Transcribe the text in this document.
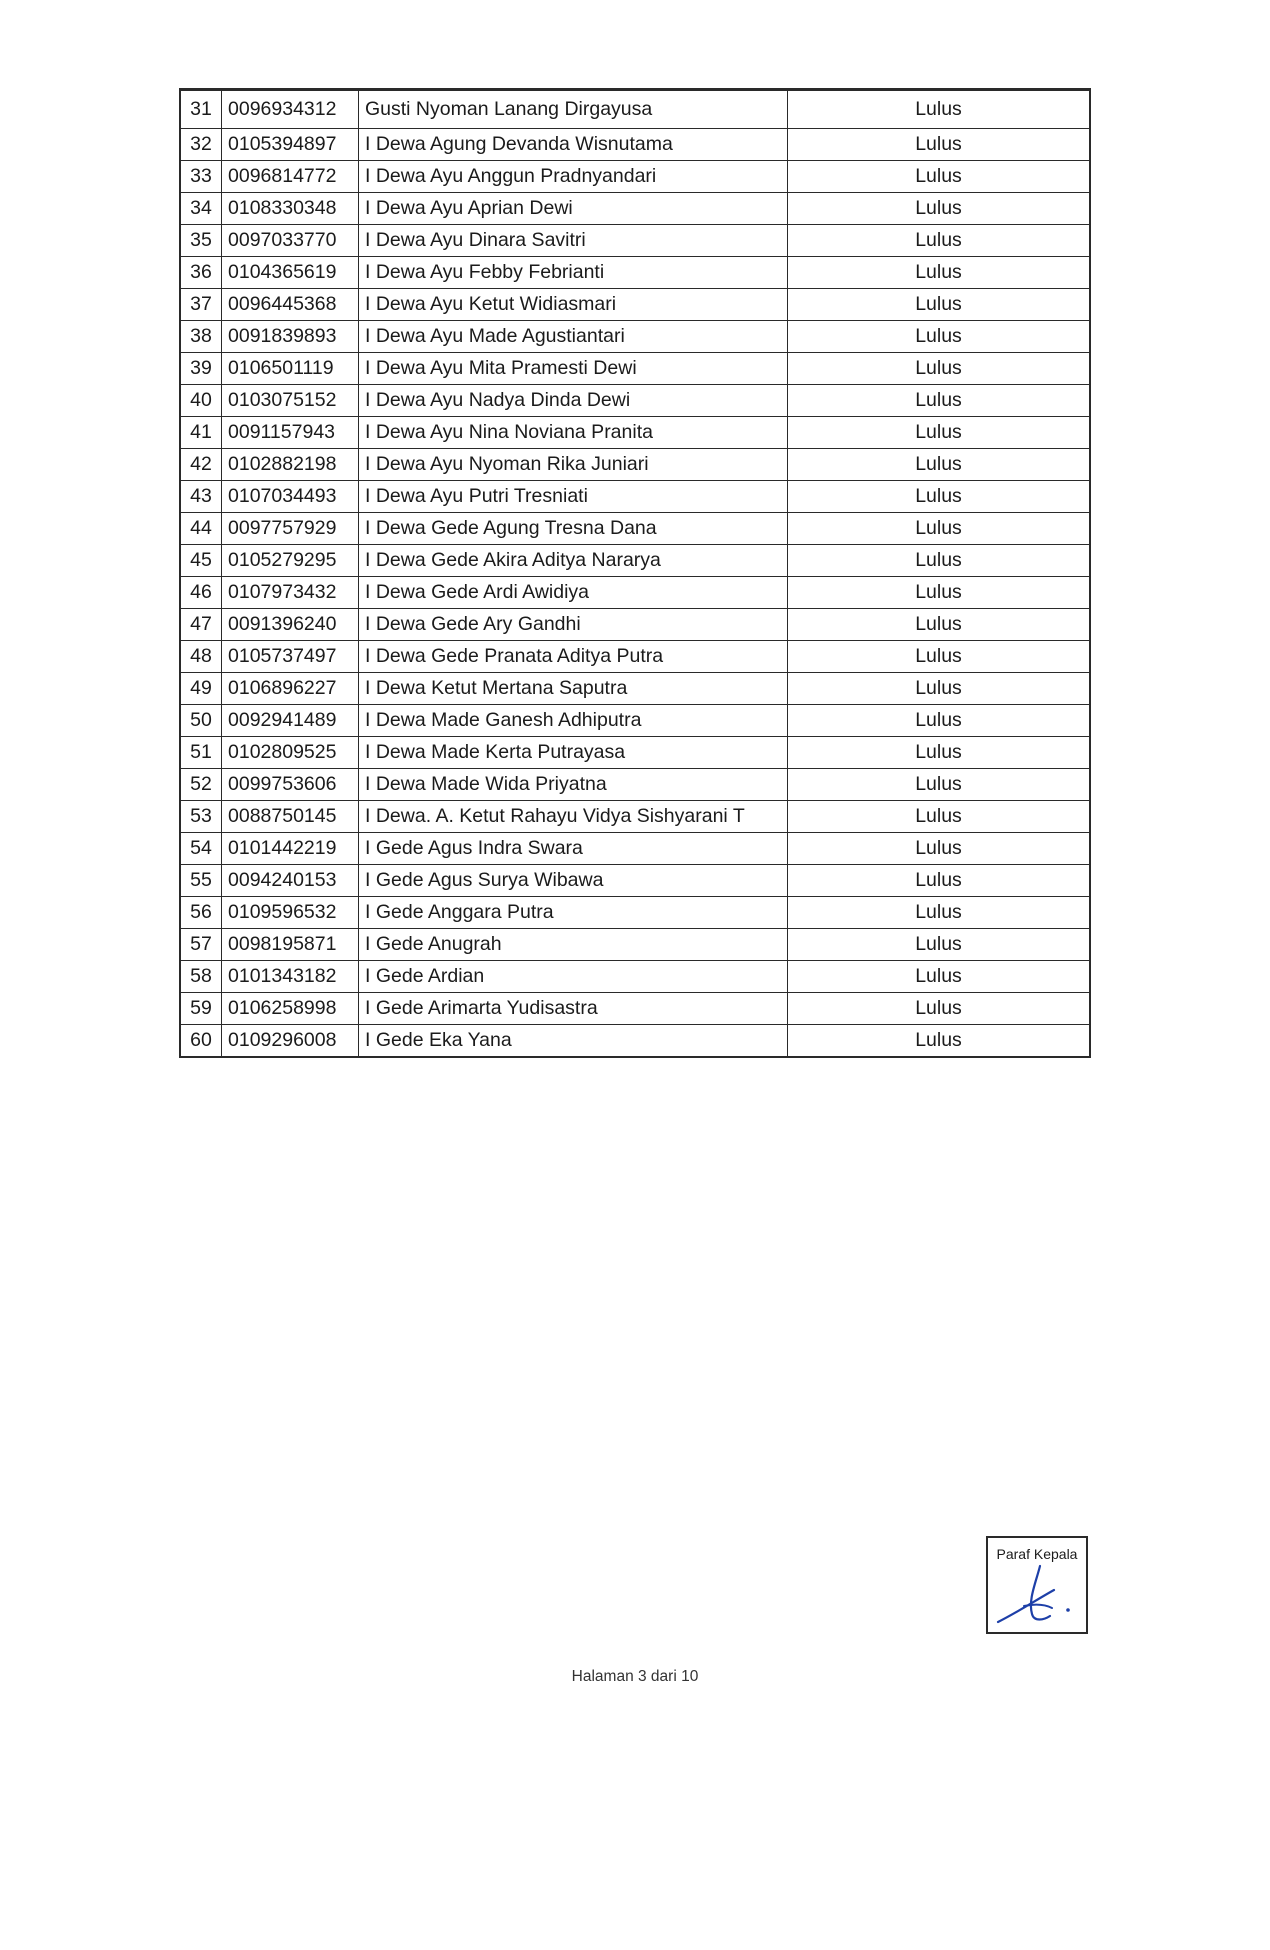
31	0096934312	Gusti Nyoman Lanang Dirgayusa	Lulus
32	0105394897	I Dewa Agung Devanda Wisnutama	Lulus
33	0096814772	I Dewa Ayu Anggun Pradnyandari	Lulus
34	0108330348	I Dewa Ayu Aprian Dewi	Lulus
35	0097033770	I Dewa Ayu Dinara Savitri	Lulus
36	0104365619	I Dewa Ayu Febby Febrianti	Lulus
37	0096445368	I Dewa Ayu Ketut Widiasmari	Lulus
38	0091839893	I Dewa Ayu Made Agustiantari	Lulus
39	0106501119	I Dewa Ayu Mita Pramesti Dewi	Lulus
40	0103075152	I Dewa Ayu Nadya Dinda Dewi	Lulus
41	0091157943	I Dewa Ayu Nina Noviana Pranita	Lulus
42	0102882198	I Dewa Ayu Nyoman Rika Juniari	Lulus
43	0107034493	I Dewa Ayu Putri Tresniati	Lulus
44	0097757929	I Dewa Gede Agung Tresna Dana	Lulus
45	0105279295	I Dewa Gede Akira Aditya Nararya	Lulus
46	0107973432	I Dewa Gede Ardi Awidiya	Lulus
47	0091396240	I Dewa Gede Ary Gandhi	Lulus
48	0105737497	I Dewa Gede Pranata Aditya Putra	Lulus
49	0106896227	I Dewa Ketut Mertana Saputra	Lulus
50	0092941489	I Dewa Made Ganesh Adhiputra	Lulus
51	0102809525	I Dewa Made Kerta Putrayasa	Lulus
52	0099753606	I Dewa Made Wida Priyatna	Lulus
53	0088750145	I Dewa. A. Ketut Rahayu Vidya Sishyarani T	Lulus
54	0101442219	I Gede Agus Indra Swara	Lulus
55	0094240153	I Gede Agus Surya Wibawa	Lulus
56	0109596532	I Gede Anggara Putra	Lulus
57	0098195871	I Gede Anugrah	Lulus
58	0101343182	I Gede Ardian	Lulus
59	0106258998	I Gede Arimarta Yudisastra	Lulus
60	0109296008	I Gede Eka Yana	Lulus
Paraf Kepala
Halaman 3 dari 10
